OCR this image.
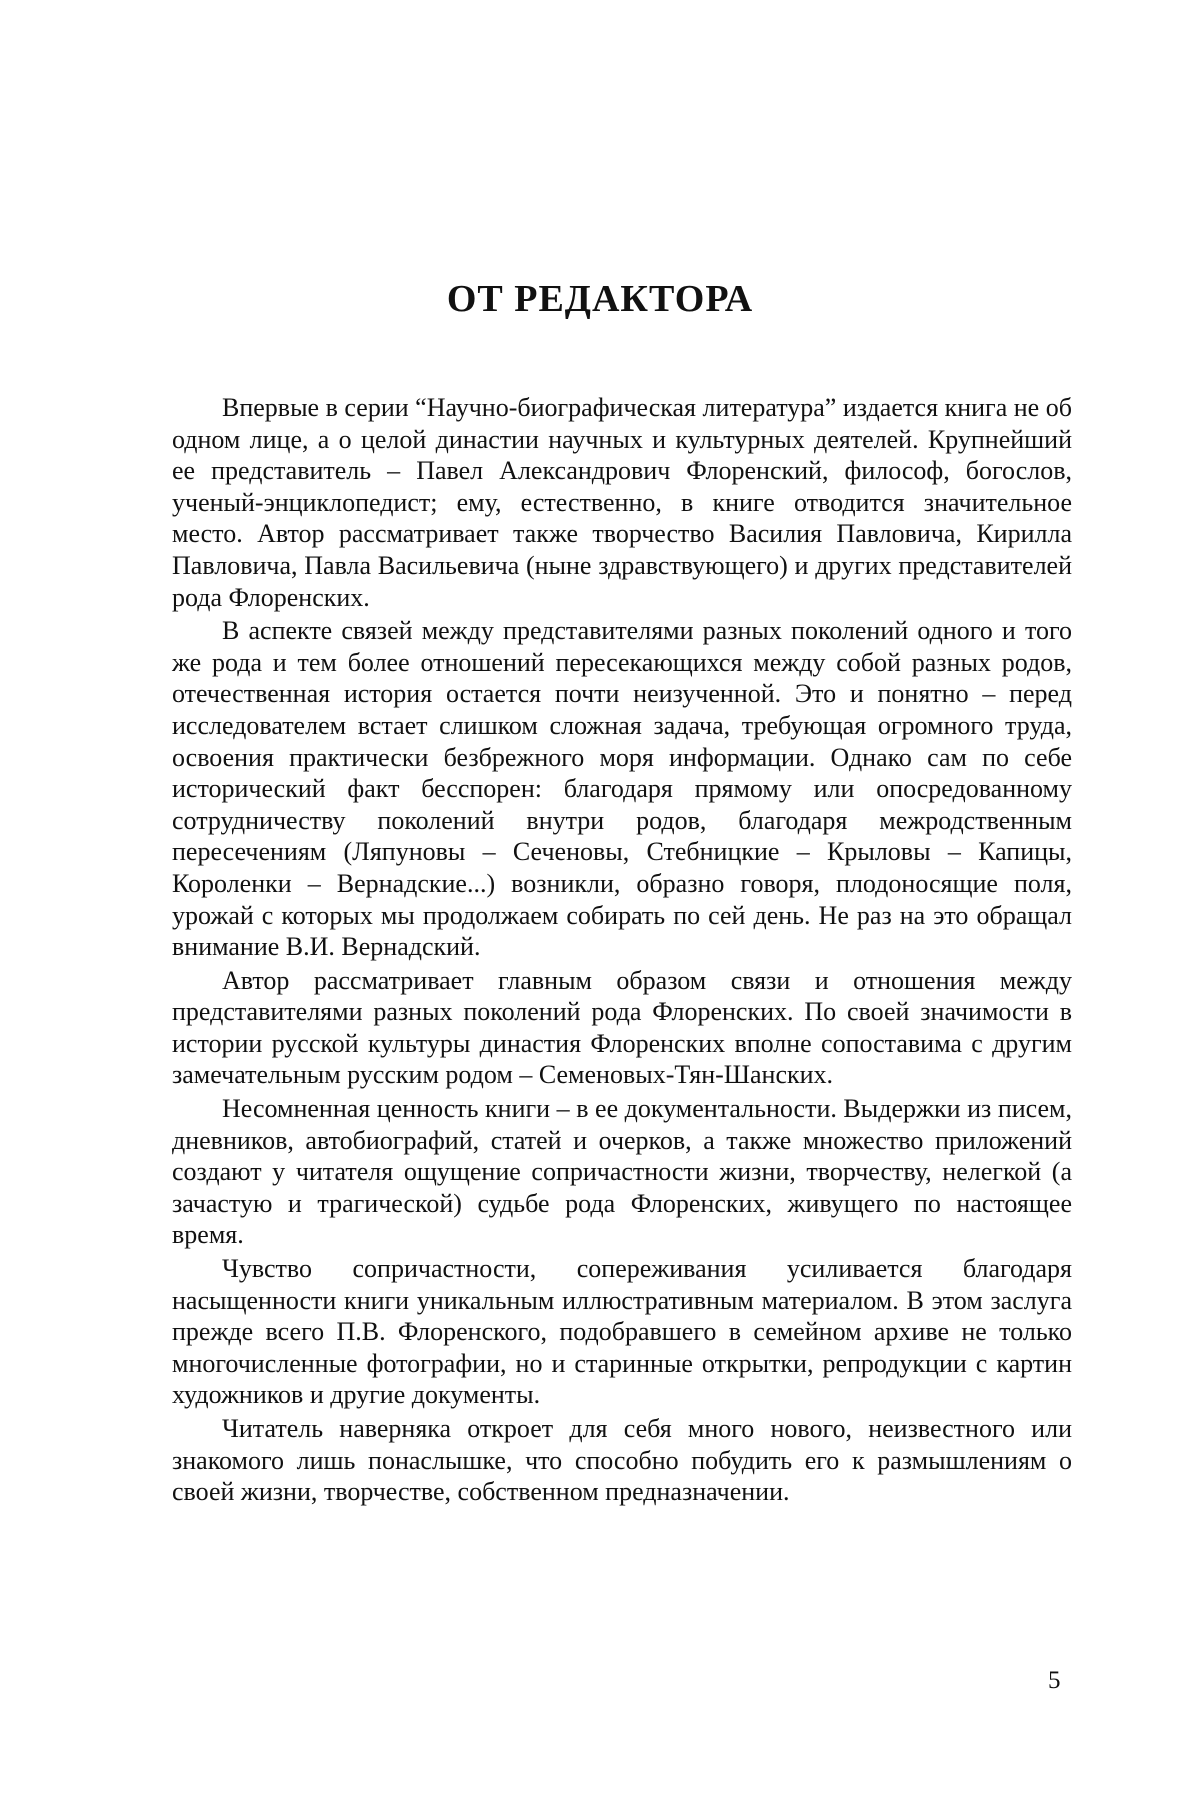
ОТ РЕДАКТОРА

Впервые в серии “Научно-биографическая литература” издается книга не об одном лице, а о целой династии научных и культурных деятелей. Крупнейший ее представитель – Павел Александрович Флоренский, философ, богослов, ученый-энциклопедист; ему, естественно, в книге отводится значительное место. Автор рассматривает также творчество Василия Павловича, Кирилла Павловича, Павла Васильевича (ныне здравствующего) и других представителей рода Флоренских.

В аспекте связей между представителями разных поколений одного и того же рода и тем более отношений пересекающихся между собой разных родов, отечественная история остается почти неизученной. Это и понятно – перед исследователем встает слишком сложная задача, требующая огромного труда, освоения практически безбрежного моря информации. Однако сам по себе исторический факт бесспорен: благодаря прямому или опосредованному сотрудничеству поколений внутри родов, благодаря межродственным пересечениям (Ляпуновы – Сеченовы, Стебницкие – Крыловы – Капицы, Короленки – Вернадские...) возникли, образно говоря, плодоносящие поля, урожай с которых мы продолжаем собирать по сей день. Не раз на это обращал внимание В.И. Вернадский.

Автор рассматривает главным образом связи и отношения между представителями разных поколений рода Флоренских. По своей значимости в истории русской культуры династия Флоренских вполне сопоставима с другим замечательным русским родом – Семеновых-Тян-Шанских.

Несомненная ценность книги – в ее документальности. Выдержки из писем, дневников, автобиографий, статей и очерков, а также множество приложений создают у читателя ощущение сопричастности жизни, творчеству, нелегкой (а зачастую и трагической) судьбе рода Флоренских, живущего по настоящее время.

Чувство сопричастности, сопереживания усиливается благодаря насыщенности книги уникальным иллюстративным материалом. В этом заслуга прежде всего П.В. Флоренского, подобравшего в семейном архиве не только многочисленные фотографии, но и старинные открытки, репродукции с картин художников и другие документы.

Читатель наверняка откроет для себя много нового, неизвестного или знакомого лишь понаслышке, что способно побудить его к размышлениям о своей жизни, творчестве, собственном предназначении.

5
